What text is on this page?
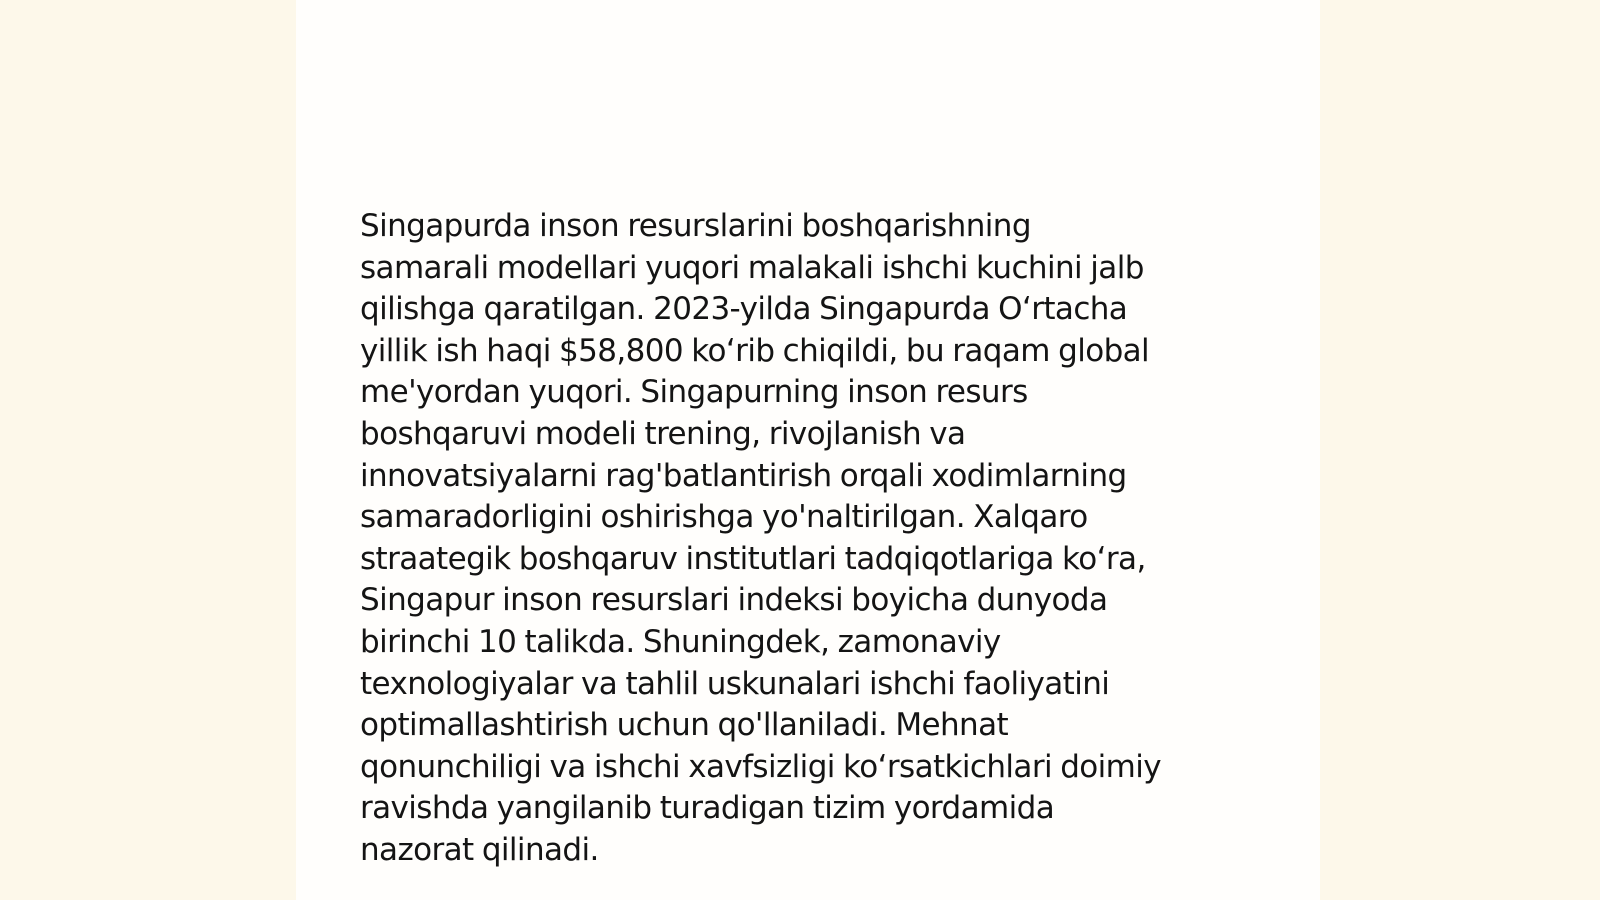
Singapurda inson resurslarini boshqarishning
samarali modellari yuqori malakali ishchi kuchini jalb
qilishga qaratilgan. 2023-yilda Singapurda O‘rtacha
yillik ish haqi $58,800 ko‘rib chiqildi, bu raqam global
me'yordan yuqori. Singapurning inson resurs
boshqaruvi modeli trening, rivojlanish va
innovatsiyalarni rag'batlantirish orqali xodimlarning
samaradorligini oshirishga yo'naltirilgan. Xalqaro
straategik boshqaruv institutlari tadqiqotlariga ko‘ra,
Singapur inson resurslari indeksi boyicha dunyoda
birinchi 10 talikda. Shuningdek, zamonaviy
texnologiyalar va tahlil uskunalari ishchi faoliyatini
optimallashtirish uchun qo'llaniladi. Mehnat
qonunchiligi va ishchi xavfsizligi ko‘rsatkichlari doimiy
ravishda yangilanib turadigan tizim yordamida
nazorat qilinadi.
